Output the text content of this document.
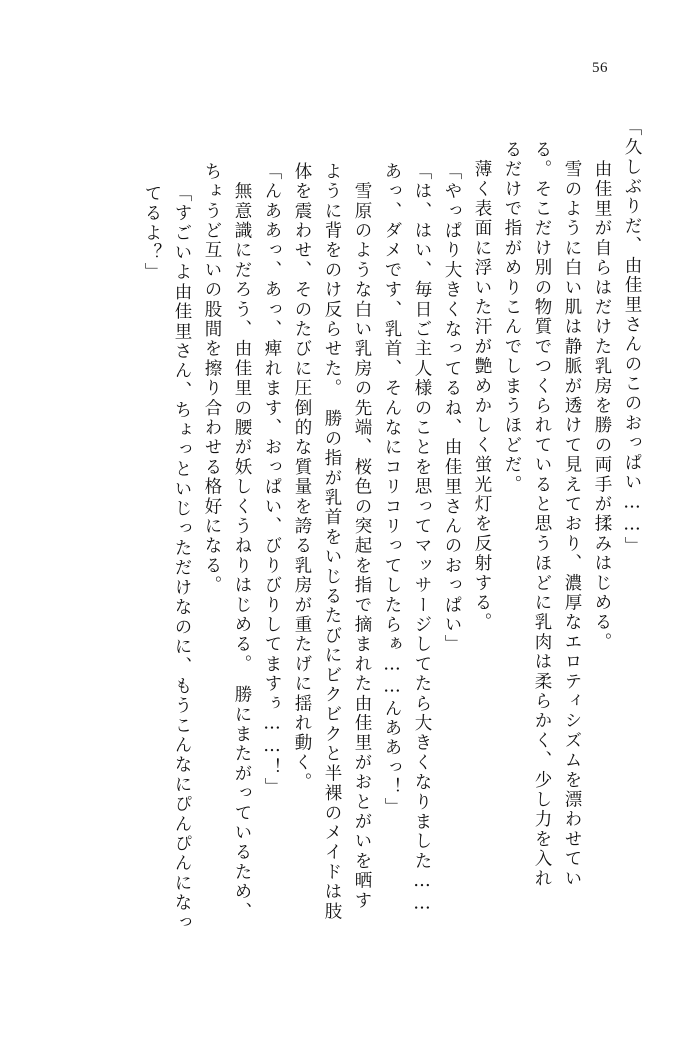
56
「久しぶりだ、由佳里さんのこのおっぱい……」
　由佳里が自らはだけた乳房を勝の両手が揉みはじめる。
　雪のように白い肌は静脈が透けて見えており、濃厚なエロティシズムを漂わせてい
る。そこだけ別の物質でつくられていると思うほどに乳肉は柔らかく、少し力を入れ
るだけで指がめりこんでしまうほどだ。
　薄く表面に浮いた汗が艶めかしく蛍光灯を反射する。
「やっぱり大きくなってるね、由佳里さんのおっぱい」
「は、はい、毎日ご主人様のことを思ってマッサージしてたら大きくなりました……
あっ、ダメです、乳首、そんなにコリコリってしたらぁ……んああっ！」
　雪原のような白い乳房の先端、桜色の突起を指で摘まれた由佳里がおとがいを晒す
ように背をのけ反らせた。　勝の指が乳首をいじるたびにビクビクと半裸のメイドは肢
体を震わせ、そのたびに圧倒的な質量を誇る乳房が重たげに揺れ動く。
「んああっ、あっ、痺れます、おっぱい、びりびりしてますぅ……！」
　無意識にだろう、由佳里の腰が妖しくうねりはじめる。　勝にまたがっているため、
ちょうど互いの股間を擦り合わせる格好になる。
「すごいよ由佳里さん、ちょっといじっただけなのに、もうこんなにぴんぴんになっ
てるよ？」
